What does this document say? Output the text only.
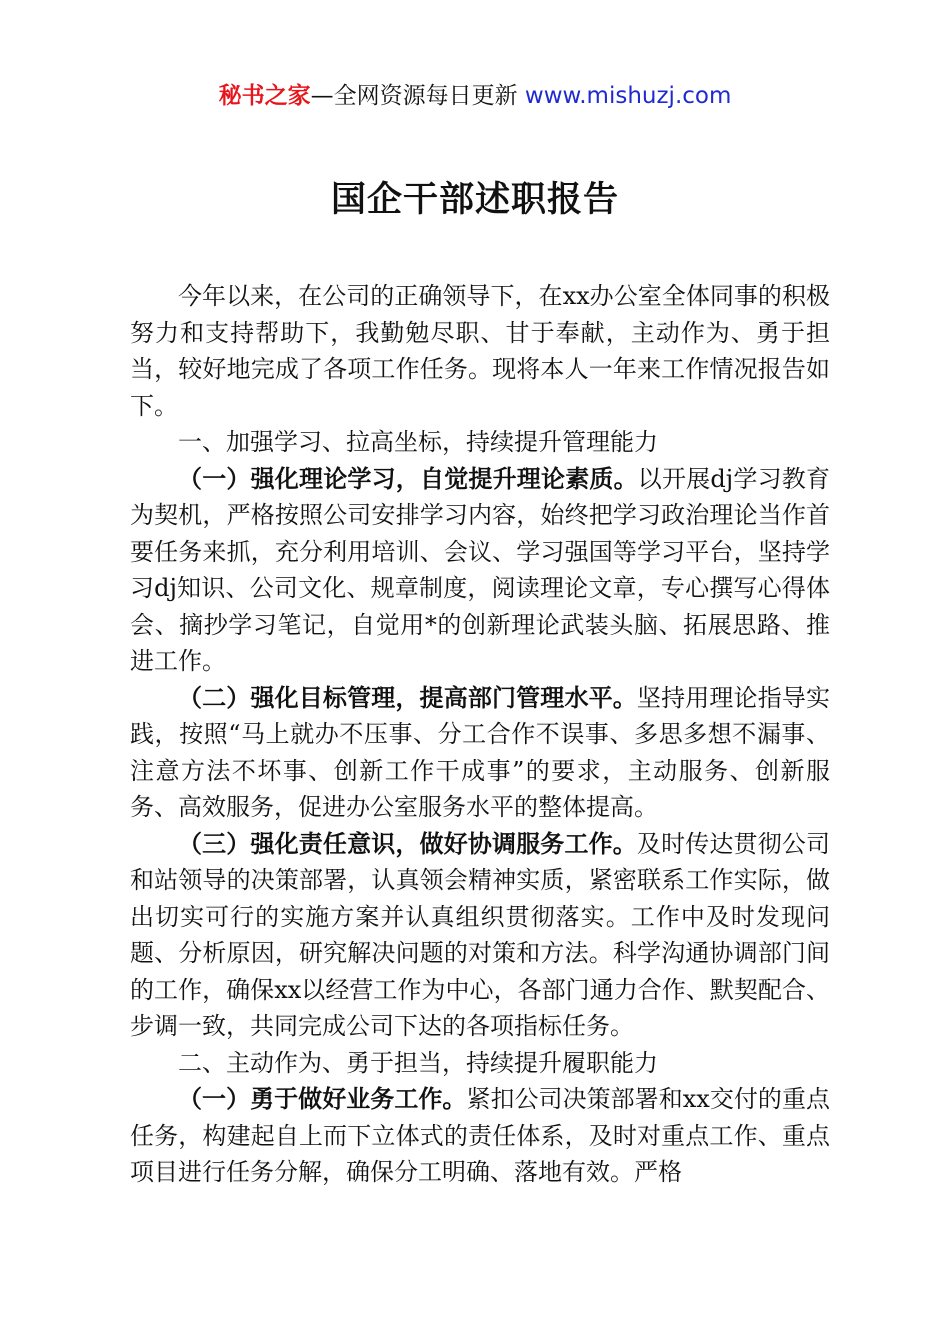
秘书之家—全网资源每日更新 www.mishuzj.com
国企干部述职报告

今年以来，在公司的正确领导下，在xx办公室全体同事的积极努力和支持帮助下，我勤勉尽职、甘于奉献，主动作为、勇于担当，较好地完成了各项工作任务。现将本人一年来工作情况报告如下。

一、加强学习、拉高坐标，持续提升管理能力

（一）强化理论学习，自觉提升理论素质。以开展dj学习教育为契机，严格按照公司安排学习内容，始终把学习政治理论当作首要任务来抓，充分利用培训、会议、学习强国等学习平台，坚持学习dj知识、公司文化、规章制度，阅读理论文章，专心撰写心得体会、摘抄学习笔记，自觉用*的创新理论武装头脑、拓展思路、推进工作。

（二）强化目标管理，提高部门管理水平。坚持用理论指导实践，按照“马上就办不压事、分工合作不误事、多思多想不漏事、注意方法不坏事、创新工作干成事”的要求，主动服务、创新服务、高效服务，促进办公室服务水平的整体提高。

（三）强化责任意识，做好协调服务工作。及时传达贯彻公司和站领导的决策部署，认真领会精神实质，紧密联系工作实际，做出切实可行的实施方案并认真组织贯彻落实。工作中及时发现问题、分析原因，研究解决问题的对策和方法。科学沟通协调部门间的工作，确保xx以经营工作为中心，各部门通力合作、默契配合、步调一致，共同完成公司下达的各项指标任务。

二、主动作为、勇于担当，持续提升履职能力

（一）勇于做好业务工作。紧扣公司决策部署和xx交付的重点任务，构建起自上而下立体式的责任体系，及时对重点工作、重点项目进行任务分解，确保分工明确、落地有效。严格
